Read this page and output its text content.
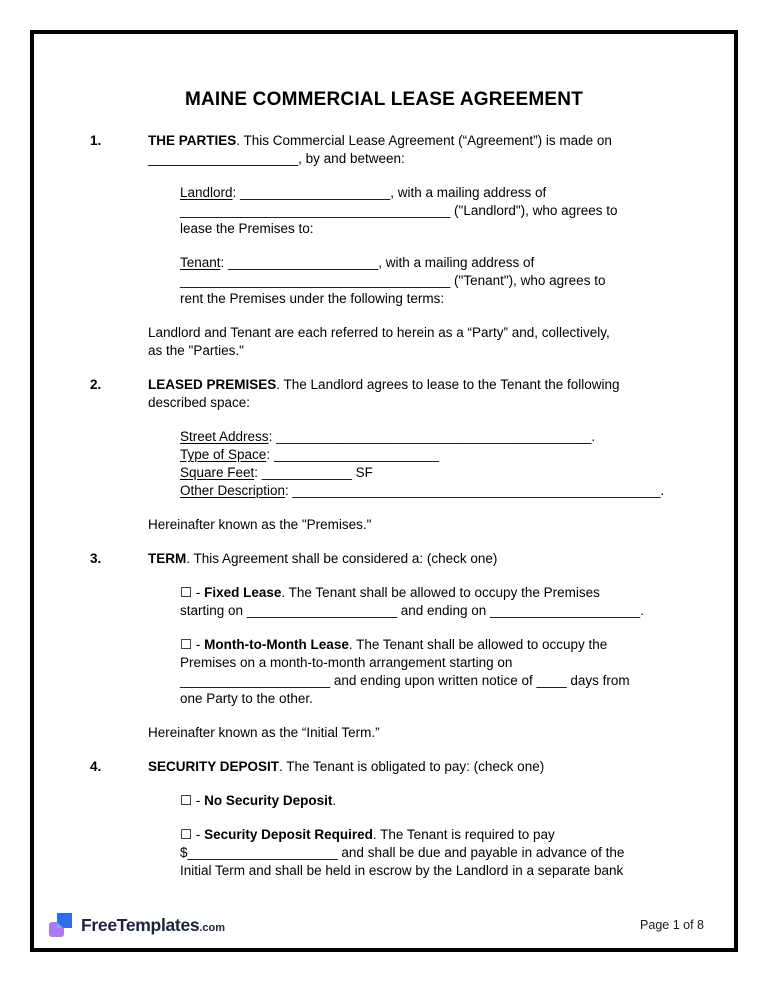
MAINE COMMERCIAL LEASE AGREEMENT
1.	THE PARTIES. This Commercial Lease Agreement (“Agreement”) is made on
____________________, by and between:
Landlord: ____________________, with a mailing address of
____________________________________ ("Landlord"), who agrees to
lease the Premises to:
Tenant: ____________________, with a mailing address of
____________________________________ ("Tenant"), who agrees to
rent the Premises under the following terms:
Landlord and Tenant are each referred to herein as a “Party” and, collectively,
as the "Parties."
2.	LEASED PREMISES. The Landlord agrees to lease to the Tenant the following
described space:
Street Address: __________________________________________.
Type of Space: ______________________
Square Feet: ____________ SF
Other Description: _________________________________________________.
Hereinafter known as the "Premises."
3.	TERM. This Agreement shall be considered a: (check one)
☐ - Fixed Lease. The Tenant shall be allowed to occupy the Premises
starting on ____________________ and ending on ____________________.
☐ - Month-to-Month Lease. The Tenant shall be allowed to occupy the
Premises on a month-to-month arrangement starting on
____________________ and ending upon written notice of ____ days from
one Party to the other.
Hereinafter known as the “Initial Term.”
4.	SECURITY DEPOSIT. The Tenant is obligated to pay: (check one)
☐ - No Security Deposit.
☐ - Security Deposit Required. The Tenant is required to pay
$____________________ and shall be due and payable in advance of the
Initial Term and shall be held in escrow by the Landlord in a separate bank
FreeTemplates.com	Page 1 of 8
